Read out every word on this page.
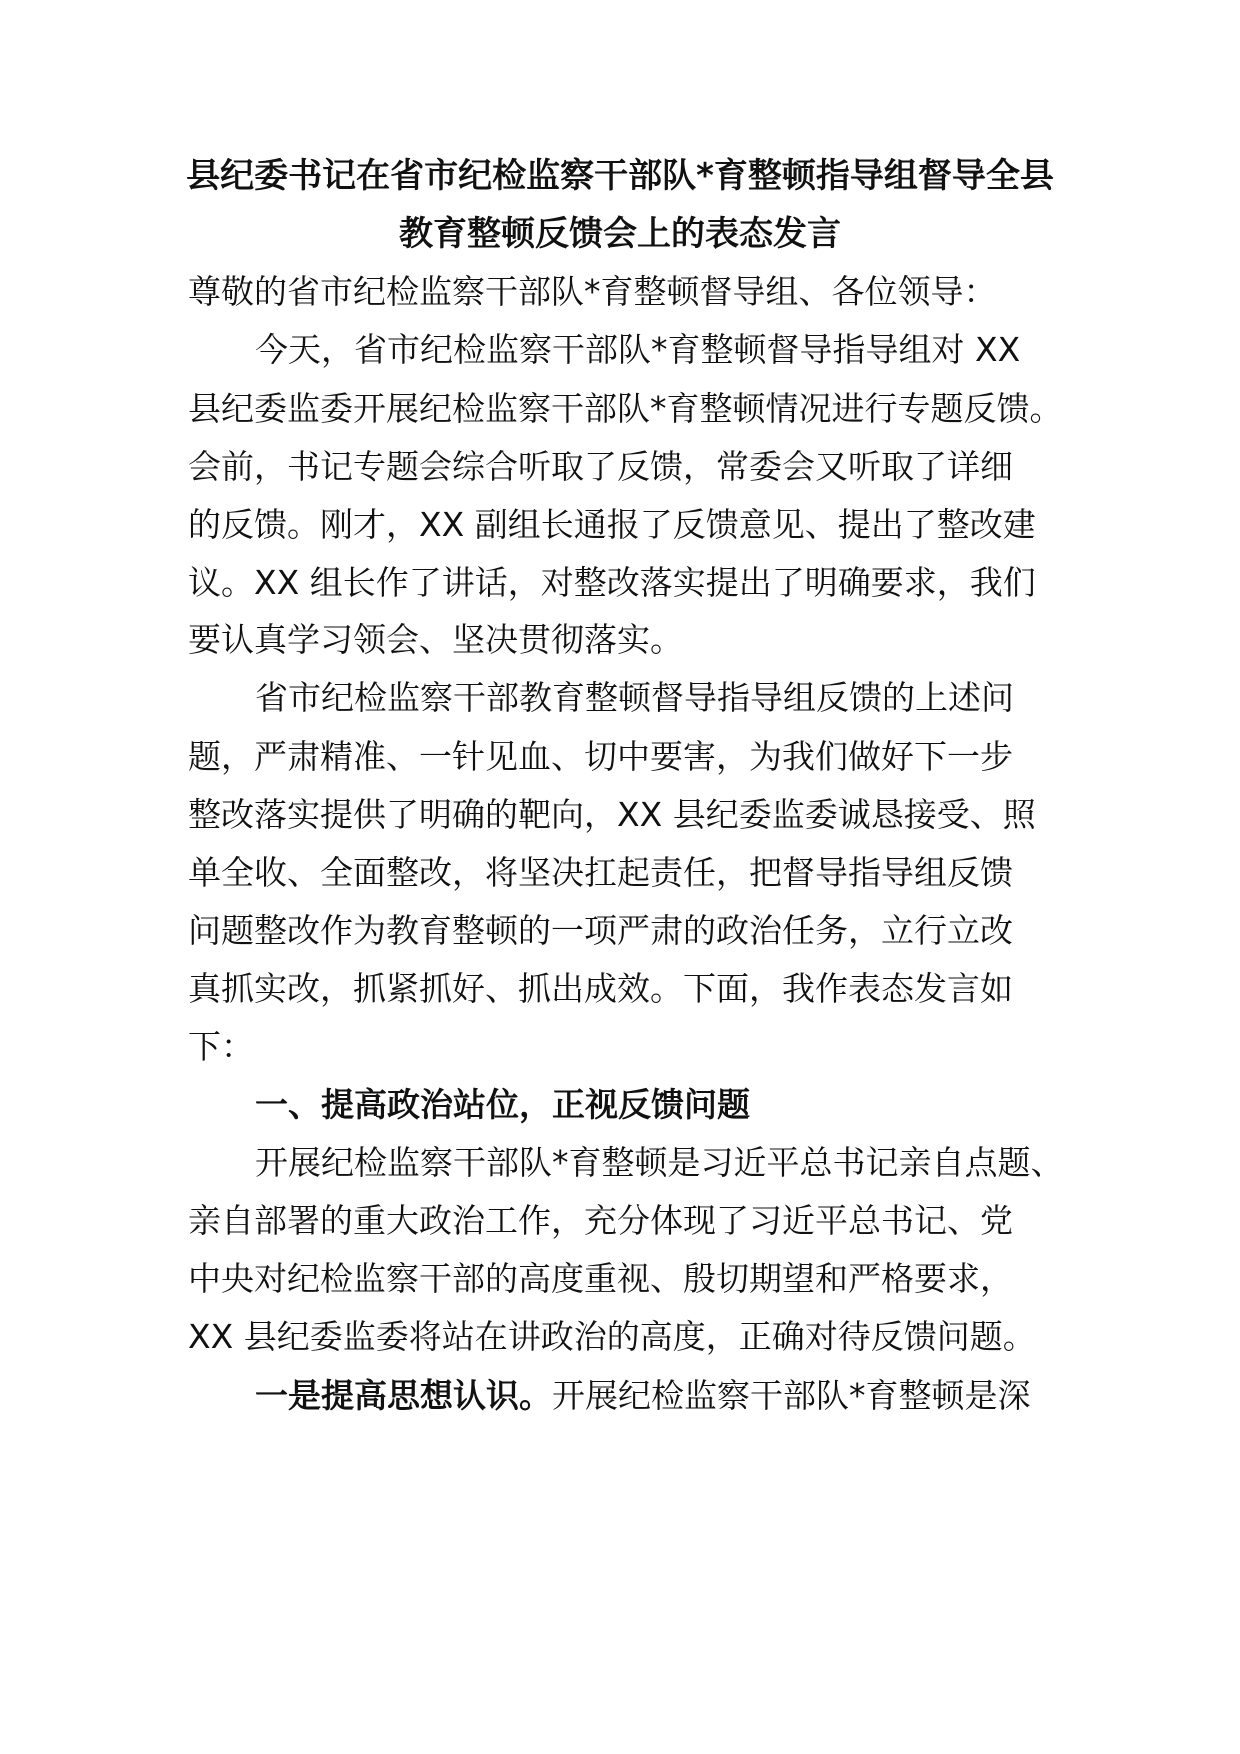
县纪委书记在省市纪检监察干部队*育整顿指导组督导全县
教育整顿反馈会上的表态发言
尊敬的省市纪检监察干部队*育整顿督导组、各位领导：
今天，省市纪检监察干部队*育整顿督导指导组对 XX
县纪委监委开展纪检监察干部队*育整顿情况进行专题反馈。
会前，书记专题会综合听取了反馈，常委会又听取了详细
的反馈。刚才，XX 副组长通报了反馈意见、提出了整改建
议。XX 组长作了讲话，对整改落实提出了明确要求，我们
要认真学习领会、坚决贯彻落实。
省市纪检监察干部教育整顿督导指导组反馈的上述问
题，严肃精准、一针见血、切中要害，为我们做好下一步
整改落实提供了明确的靶向，XX 县纪委监委诚恳接受、照
单全收、全面整改，将坚决扛起责任，把督导指导组反馈
问题整改作为教育整顿的一项严肃的政治任务，立行立改
真抓实改，抓紧抓好、抓出成效。下面，我作表态发言如
下：
一、提高政治站位，正视反馈问题
开展纪检监察干部队*育整顿是习近平总书记亲自点题、
亲自部署的重大政治工作，充分体现了习近平总书记、党
中央对纪检监察干部的高度重视、殷切期望和严格要求，
XX 县纪委监委将站在讲政治的高度，正确对待反馈问题。
一是提高思想认识。开展纪检监察干部队*育整顿是深
